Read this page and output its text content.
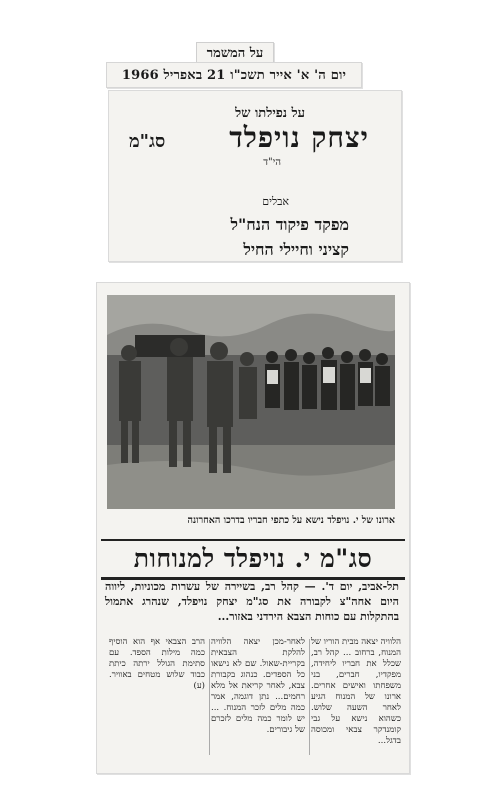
על המשמר
יום ה' א' אייר תשכ"ו 21 באפריל 1966
על נפילתו של
סג"מ יצחק נויפלד
הי"ד
אבלים
מפקד פיקוד הנח"ל
קציני וחיילי החיל
ארונו של י. נויפלד נישא על כתפי חבריו בדרכו האחרונה
סג"מ י. נויפלד למנוחות
תל-אביב, יום ד'. — קהל רב, בשיירה של עשרות מכוניות, ליווה היום אחה"צ לקבורה את סג"מ יצחק נויפלד, שנהרג אתמול בהתקלות עם כוחות הצבא הירדני באזור...
הלוויה יצאה מבית הוריו של המנוח, ברחוב ... קהל רב, שכלל את חבריו ליחידה, מפקדיו, חברים, בני משפחתו ואישים אחרים. ארונו של המנוח הגיע לאחר השעה שלוש. כשהוא נישא על גבי קומנדקר צבאי ומכוסה בדגל...
לאחר-מכן יצאה הלוויה להלקת הצבאית בקריית-שאול. שם לא נישאו כל הספדים. כנהוג בקבורת צבא, לאחר קריאת אל מלא רחמים... נתן דוגמה, אמר כמה מלים לזכר המנוח. ... יש לומר כמה מלים לזכרם של גיבורים.
הרב הצבאי אף הוא הוסיף כמה מילות הספד. עם סתימת הגולל ירתה כיתת כבוד שלוש מטחים באוויר. (ע)
